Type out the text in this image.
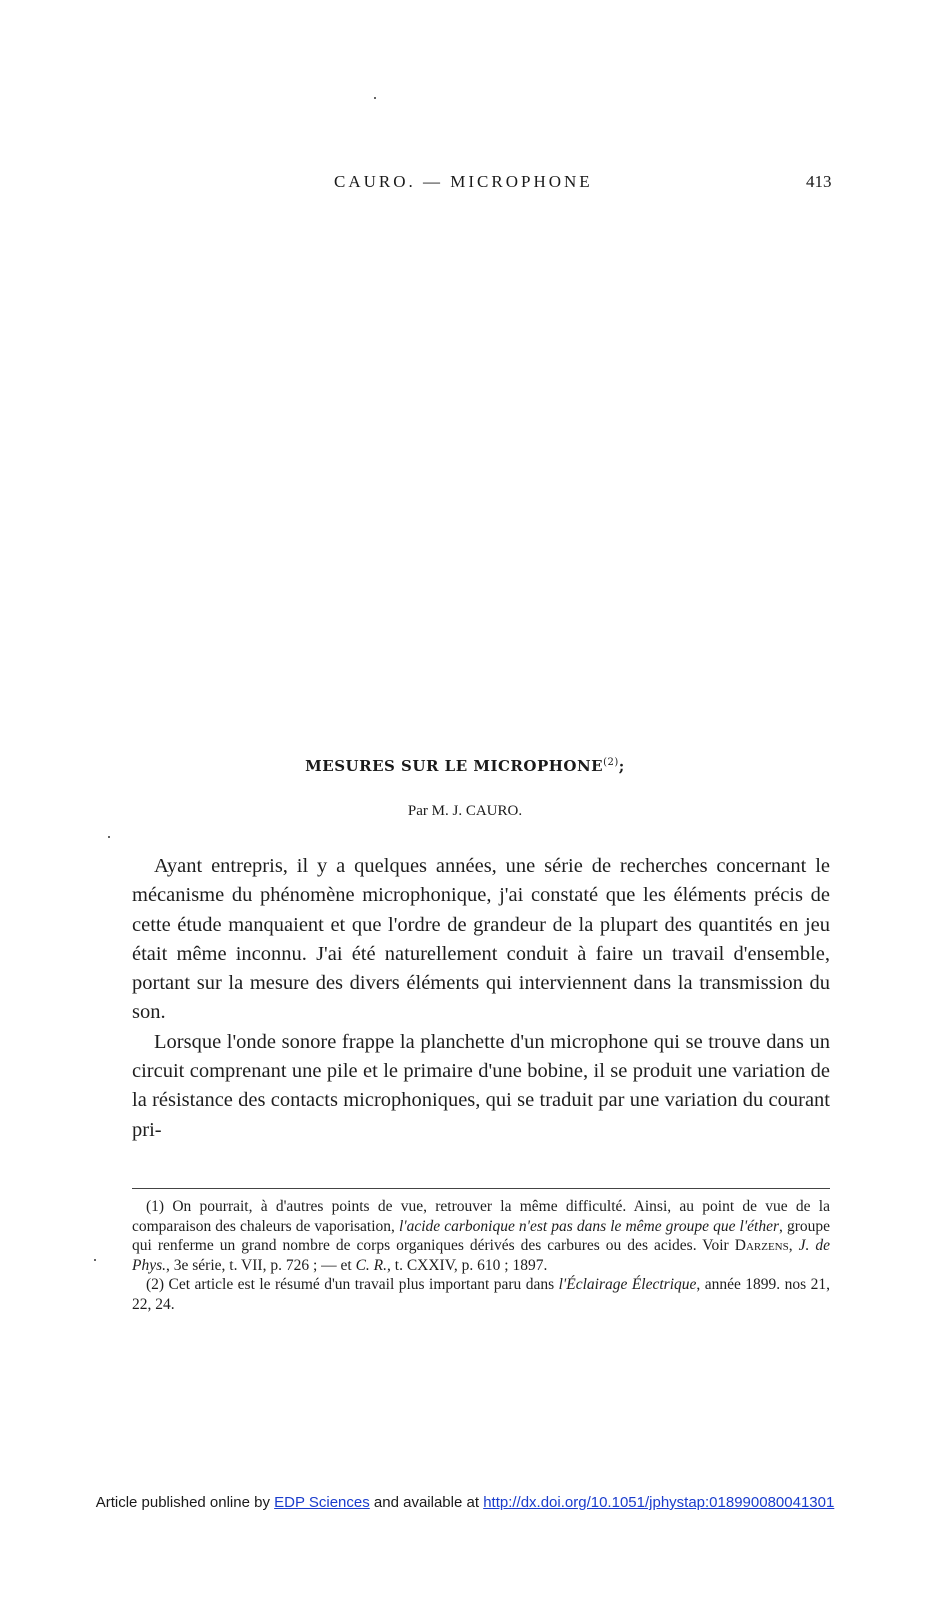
CAURO. — MICROPHONE	413
MESURES SUR LE MICROPHONE$^{(2)}$;
Par M. J. CAURO.

Ayant entrepris, il y a quelques années, une série de recherches concernant le mécanisme du phénomène microphonique, j'ai constaté que les éléments précis de cette étude manquaient et que l'ordre de grandeur de la plupart des quantités en jeu était même inconnu. J'ai été naturellement conduit à faire un travail d'ensemble, portant sur la mesure des divers éléments qui interviennent dans la transmission du son.

Lorsque l'onde sonore frappe la planchette d'un microphone qui se trouve dans un circuit comprenant une pile et le primaire d'une bobine, il se produit une variation de la résistance des contacts microphoniques, qui se traduit par une variation du courant pri-

(1) On pourrait, à d'autres points de vue, retrouver la même difficulté. Ainsi, au point de vue de la comparaison des chaleurs de vaporisation, l'acide carbonique n'est pas dans le même groupe que l'éther, groupe qui renferme un grand nombre de corps organiques dérivés des carbures ou des acides. Voir Darzens, J. de Phys., 3e série, t. VII, p. 726 ; — et C. R., t. CXXIV, p. 610 ; 1897.

(2) Cet article est le résumé d'un travail plus important paru dans l'Éclairage Électrique, année 1899. nos 21, 22, 24.

Article published online by EDP Sciences and available at http://dx.doi.org/10.1051/jphystap:018990080041301
